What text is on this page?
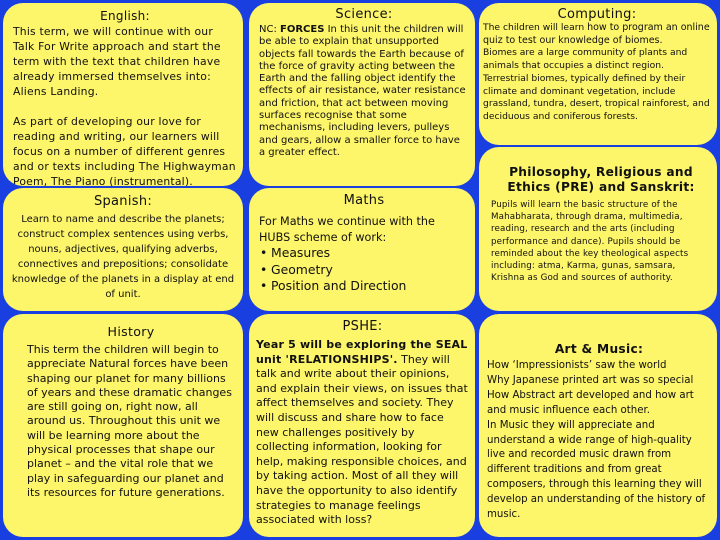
English:

This term, we will continue with our Talk For Write approach and start the term with the text that children have already immersed themselves into: Aliens Landing.

As part of developing our love for reading and writing, our learners will focus on a number of different genres and or texts including The Highwayman Poem, The Piano (instrumental).

Science:

NC: FORCES In this unit the children will be able to explain that unsupported objects fall towards the Earth because of the force of gravity acting between the Earth and the falling object identify the effects of air resistance, water resistance and friction, that act between moving surfaces recognise that some mechanisms, including levers, pulleys and gears, allow a smaller force to have a greater effect.

Computing:

The children will learn how to program an online quiz to test our knowledge of biomes.

Biomes are a large community of plants and animals that occupies a distinct region. Terrestrial biomes, typically defined by their climate and dominant vegetation, include grassland, tundra, desert, tropical rainforest, and deciduous and coniferous forests.

Spanish:

Learn to name and describe the planets; construct complex sentences using verbs, nouns, adjectives, qualifying adverbs, connectives and prepositions; consolidate knowledge of the planets in a display at end of unit.

Maths

For Maths we continue with the HUBS scheme of work:

• Measures
• Geometry
• Position and Direction
Philosophy, Religious and Ethics (PRE) and Sanskrit:

Pupils will learn the basic structure of the Mahabharata, through drama, multimedia, reading, research and the arts (including performance and dance). Pupils should be reminded about the key theological aspects including: atma, Karma, gunas, samsara, Krishna as God and sources of authority.

History

This term the children will begin to appreciate Natural forces have been shaping our planet for many billions of years and these dramatic changes are still going on, right now, all around us. Throughout this unit we will be learning more about the physical processes that shape our planet – and the vital role that we play in safeguarding our planet and its resources for future generations.

PSHE:

Year 5 will be exploring the SEAL unit 'RELATIONSHIPS'. They will talk and write about their opinions, and explain their views, on issues that affect themselves and society. They will discuss and share how to face new challenges positively by collecting information, looking for help, making responsible choices, and by taking action. Most of all they will have the opportunity to also identify strategies to manage feelings associated with loss?

Art & Music:

How ‘Impressionists’ saw the world
Why Japanese printed art was so special
How Abstract art developed and how art and music influence each other.
In Music they will appreciate and understand a wide range of high-quality live and recorded music drawn from different traditions and from great composers, through this learning they will develop an understanding of the history of music.
